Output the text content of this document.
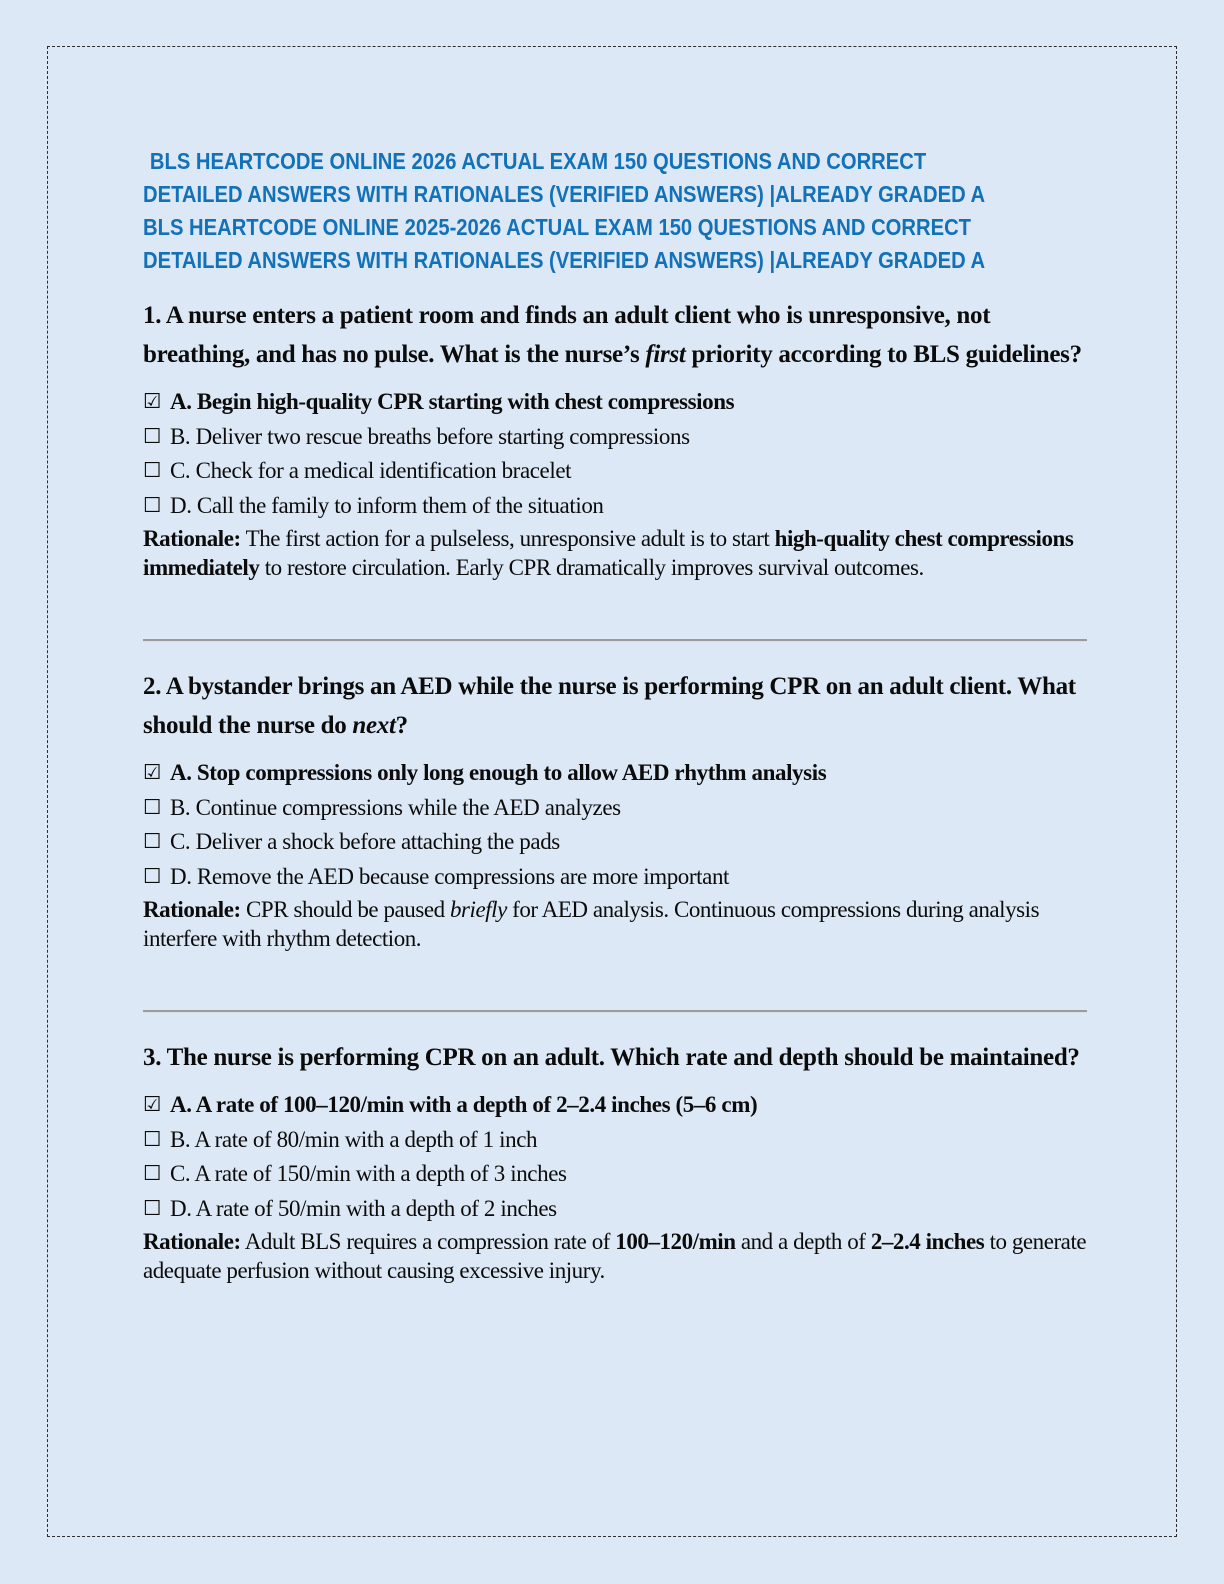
BLS HEARTCODE ONLINE 2026 ACTUAL EXAM 150 QUESTIONS AND CORRECT
DETAILED ANSWERS WITH RATIONALES (VERIFIED ANSWERS) |ALREADY GRADED A
BLS HEARTCODE ONLINE 2025-2026 ACTUAL EXAM 150 QUESTIONS AND CORRECT
DETAILED ANSWERS WITH RATIONALES (VERIFIED ANSWERS) |ALREADY GRADED A
1. A nurse enters a patient room and finds an adult client who is unresponsive, not breathing, and has no pulse. What is the nurse’s first priority according to BLS guidelines?
☑ A. Begin high-quality CPR starting with chest compressions
☐ B. Deliver two rescue breaths before starting compressions
☐ C. Check for a medical identification bracelet
☐ D. Call the family to inform them of the situation

Rationale: The first action for a pulseless, unresponsive adult is to start high-quality chest compressions immediately to restore circulation. Early CPR dramatically improves survival outcomes.

2. A bystander brings an AED while the nurse is performing CPR on an adult client. What should the nurse do next?
☑ A. Stop compressions only long enough to allow AED rhythm analysis
☐ B. Continue compressions while the AED analyzes
☐ C. Deliver a shock before attaching the pads
☐ D. Remove the AED because compressions are more important

Rationale: CPR should be paused briefly for AED analysis. Continuous compressions during analysis interfere with rhythm detection.

3. The nurse is performing CPR on an adult. Which rate and depth should be maintained?
☑ A. A rate of 100–120/min with a depth of 2–2.4 inches (5–6 cm)
☐ B. A rate of 80/min with a depth of 1 inch
☐ C. A rate of 150/min with a depth of 3 inches
☐ D. A rate of 50/min with a depth of 2 inches

Rationale: Adult BLS requires a compression rate of 100–120/min and a depth of 2–2.4 inches to generate adequate perfusion without causing excessive injury.
